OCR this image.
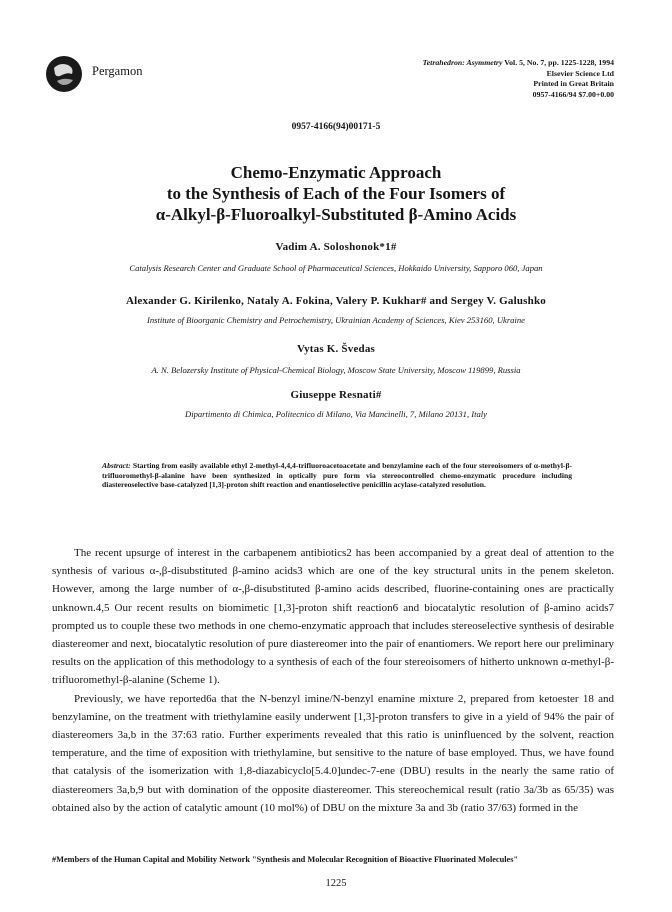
Pergamon
Tetrahedron: Asymmetry Vol. 5, No. 7, pp. 1225-1228, 1994
Elsevier Science Ltd
Printed in Great Britain
0957-4166/94 $7.00+0.00
0957-4166(94)00171-5
Chemo-Enzymatic Approach
to the Synthesis of Each of the Four Isomers of
α-Alkyl-β-Fluoroalkyl-Substituted β-Amino Acids
Vadim A. Soloshonok*1#
Catalysis Research Center and Graduate School of Pharmaceutical Sciences, Hokkaido University, Sapporo 060, Japan
Alexander G. Kirilenko, Nataly A. Fokina, Valery P. Kukhar# and Sergey V. Galushko
Institute of Bioorganic Chemistry and Petrochemistry, Ukrainian Academy of Sciences, Kiev 253160, Ukraine
Vytas K. Švedas
A. N. Belozersky Institute of Physical-Chemical Biology, Moscow State University, Moscow 119899, Russia
Giuseppe Resnati#
Dipartimento di Chimica, Politecnico di Milano, Via Mancinelli, 7, Milano 20131, Italy
Abstract: Starting from easily available ethyl 2-methyl-4,4,4-trifluoroacetoacetate and benzylamine each of the four stereoisomers of α-methyl-β-trifluoromethyl-β-alanine have been synthesized in optically pure form via stereocontrolled chemo-enzymatic procedure including diastereoselective base-catalyzed [1,3]-proton shift reaction and enantioselective penicillin acylase-catalyzed resolution.

The recent upsurge of interest in the carbapenem antibiotics2 has been accompanied by a great deal of attention to the synthesis of various α-,β-disubstituted β-amino acids3 which are one of the key structural units in the penem skeleton. However, among the large number of α-,β-disubstituted β-amino acids described, fluorine-containing ones are practically unknown.4,5 Our recent results on biomimetic [1,3]-proton shift reaction6 and biocatalytic resolution of β-amino acids7 prompted us to couple these two methods in one chemo-enzymatic approach that includes stereoselective synthesis of desirable diastereomer and next, biocatalytic resolution of pure diastereomer into the pair of enantiomers. We report here our preliminary results on the application of this methodology to a synthesis of each of the four stereoisomers of hitherto unknown α-methyl-β-trifluoromethyl-β-alanine (Scheme 1).

Previously, we have reported6a that the N-benzyl imine/N-benzyl enamine mixture 2, prepared from ketoester 18 and benzylamine, on the treatment with triethylamine easily underwent [1,3]-proton transfers to give in a yield of 94% the pair of diastereomers 3a,b in the 37:63 ratio. Further experiments revealed that this ratio is uninfluenced by the solvent, reaction temperature, and the time of exposition with triethylamine, but sensitive to the nature of base employed. Thus, we have found that catalysis of the isomerization with 1,8-diazabicyclo[5.4.0]undec-7-ene (DBU) results in the nearly the same ratio of diastereomers 3a,b,9 but with domination of the opposite diastereomer. This stereochemical result (ratio 3a/3b as 65/35) was obtained also by the action of catalytic amount (10 mol%) of DBU on the mixture 3a and 3b (ratio 37/63) formed in the

#Members of the Human Capital and Mobility Network "Synthesis and Molecular Recognition of Bioactive Fluorinated Molecules"
1225
